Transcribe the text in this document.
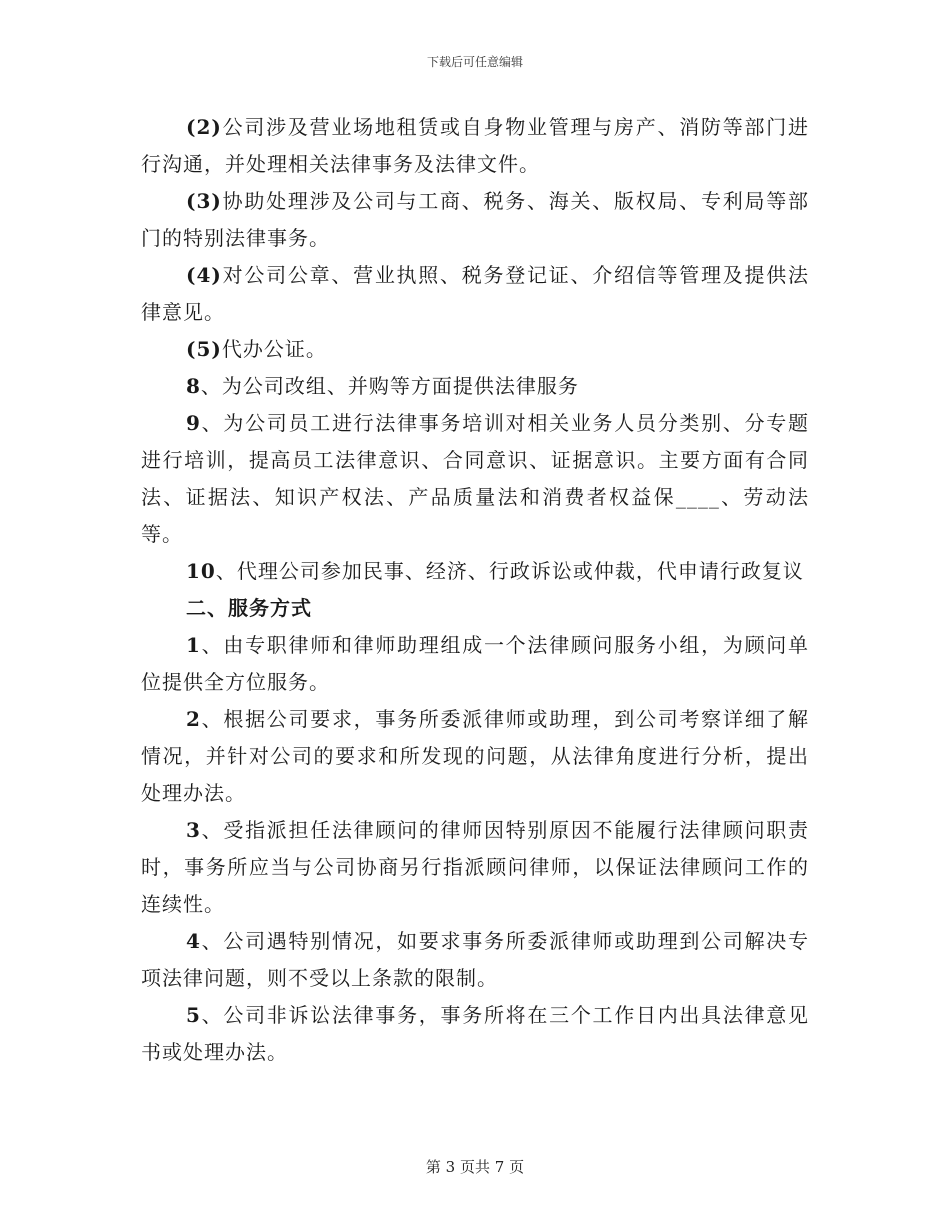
下载后可任意编辑

(2)公司涉及营业场地租赁或自身物业管理与房产、消防等部门进行沟通，并处理相关法律事务及法律文件。

(3)协助处理涉及公司与工商、税务、海关、版权局、专利局等部门的特别法律事务。

(4)对公司公章、营业执照、税务登记证、介绍信等管理及提供法律意见。

(5)代办公证。

8、为公司改组、并购等方面提供法律服务

9、为公司员工进行法律事务培训对相关业务人员分类别、分专题进行培训，提高员工法律意识、合同意识、证据意识。主要方面有合同法、证据法、知识产权法、产品质量法和消费者权益保____、劳动法等。

10、代理公司参加民事、经济、行政诉讼或仲裁，代申请行政复议

二、服务方式

1、由专职律师和律师助理组成一个法律顾问服务小组，为顾问单位提供全方位服务。

2、根据公司要求，事务所委派律师或助理，到公司考察详细了解情况，并针对公司的要求和所发现的问题，从法律角度进行分析，提出处理办法。

3、受指派担任法律顾问的律师因特别原因不能履行法律顾问职责时，事务所应当与公司协商另行指派顾问律师，以保证法律顾问工作的连续性。

4、公司遇特别情况，如要求事务所委派律师或助理到公司解决专项法律问题，则不受以上条款的限制。

5、公司非诉讼法律事务，事务所将在三个工作日内出具法律意见书或处理办法。

第 3 页共 7 页
